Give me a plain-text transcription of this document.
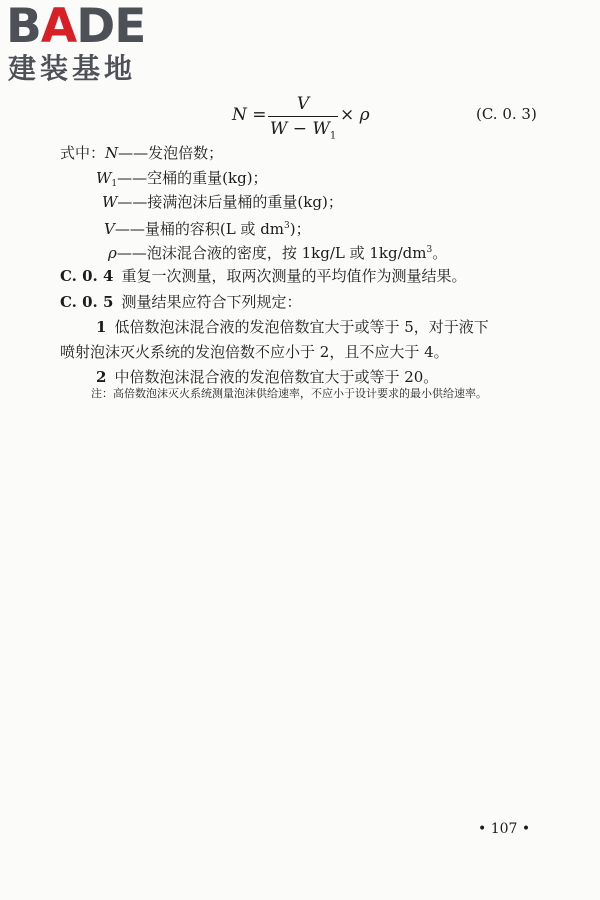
BADE
建装基地
N =
V
$W - W_1$
× ρ	(C. 0. 3)
式中：N——发泡倍数；
$W_1——$空桶的重量(kg)；
W——接满泡沫后量桶的重量(kg)；
V——量桶的容积(L 或 $dm^3$)；
ρ——泡沫混合液的密度，按 1kg/L 或 $1kg/dm^3$。
C. 0. 4 重复一次测量，取两次测量的平均值作为测量结果。
C. 0. 5 测量结果应符合下列规定：
1 低倍数泡沫混合液的发泡倍数宜大于或等于 5，对于液下
喷射泡沫灭火系统的发泡倍数不应小于 2，且不应大于 4。
2 中倍数泡沫混合液的发泡倍数宜大于或等于 20。
注：高倍数泡沫灭火系统测量泡沫供给速率，不应小于设计要求的最小供给速率。
• 107 •
